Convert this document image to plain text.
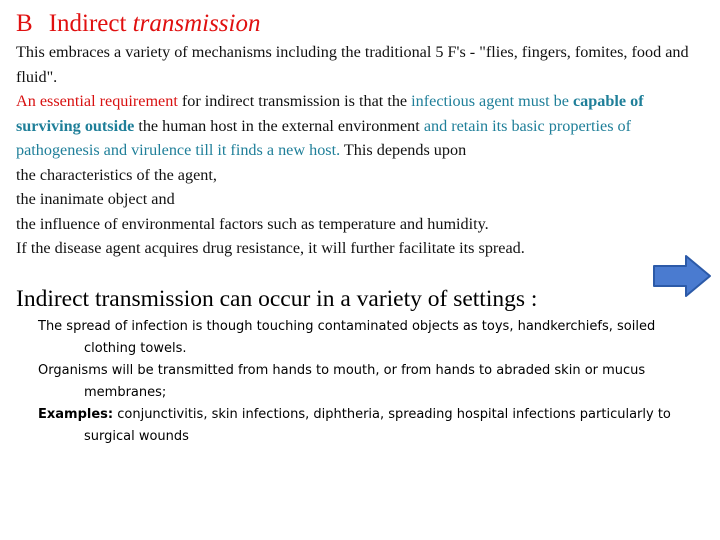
B Indirect transmission

This embraces a variety of mechanisms including the traditional 5 F's - "flies, fingers, fomites, food and fluid".

An essential requirement for indirect transmission is that the infectious agent must be capable of surviving outside the human host in the external environment and retain its basic properties of pathogenesis and virulence till it finds a new host. This depends upon

the characteristics of the agent,

the inanimate object and

the influence of environmental factors such as temperature and humidity.

If the disease agent acquires drug resistance, it will further facilitate its spread.

Indirect transmission can occur in a variety of settings :

The spread of infection is though touching contaminated objects as toys, handkerchiefs, soiled clothing towels.

Organisms will be transmitted from hands to mouth, or from hands to abraded skin or mucus membranes;

Examples: conjunctivitis, skin infections, diphtheria, spreading hospital infections particularly to surgical wounds
